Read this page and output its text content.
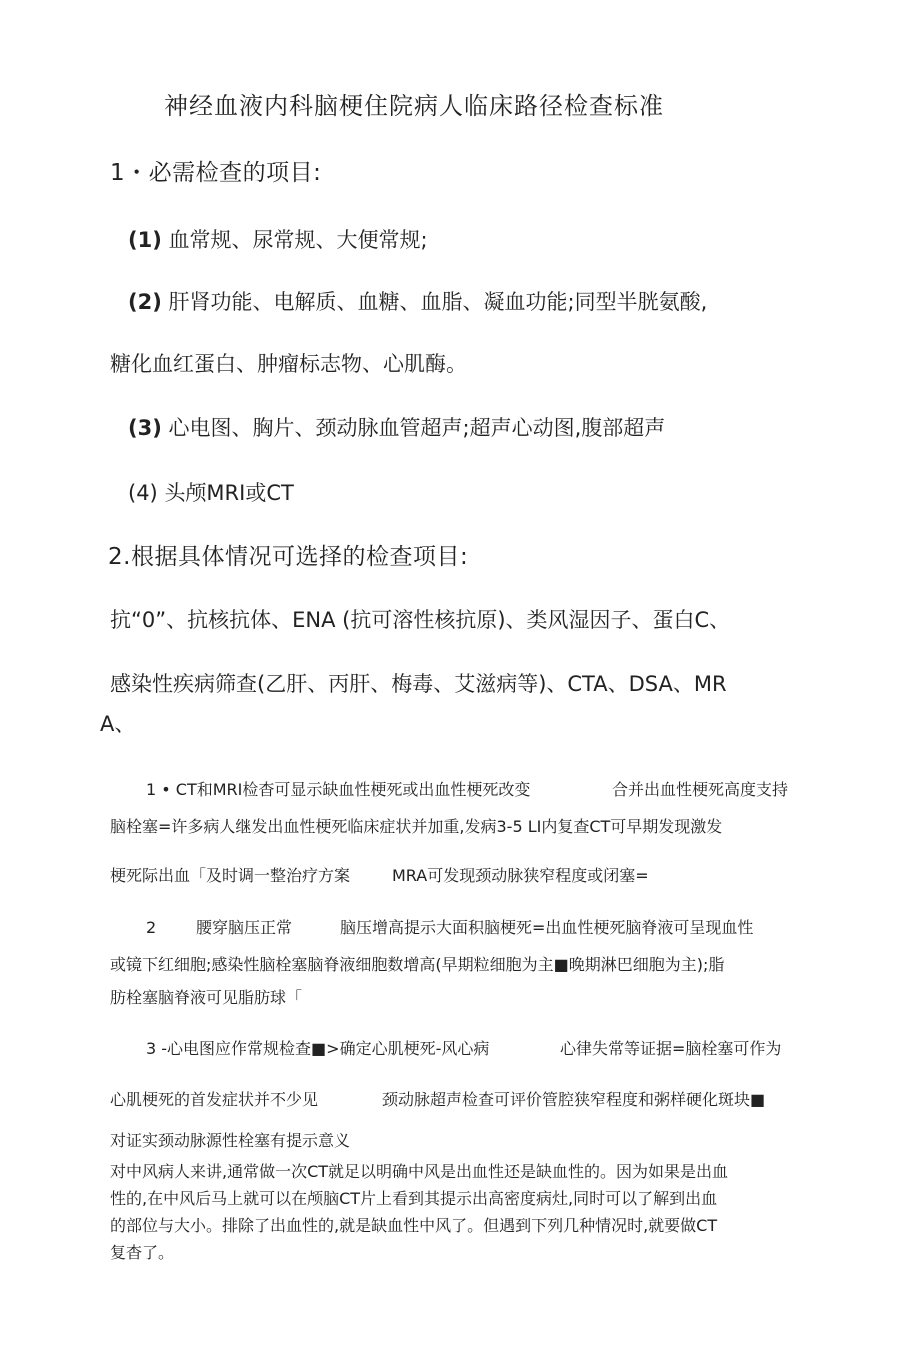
神经血液内科脑梗住院病人临床路径检查标准
1・必需检查的项目:
(1) 血常规、尿常规、大便常规;
(2) 肝肾功能、电解质、血糖、血脂、凝血功能;同型半胱氨酸,
糖化血红蛋白、肿瘤标志物、心肌酶。
(3) 心电图、胸片、颈动脉血管超声;超声心动图,腹部超声
(4) 头颅MRI或CT
2.根据具体情况可选择的检查项目:
抗“0”、抗核抗体、ENA (抗可溶性核抗原)、类风湿因子、蛋白C、
感染性疾病筛查(乙肝、丙肝、梅毒、艾滋病等)、CTA、DSA、MR
A、
1 • CT和MRI检杳可显示缺血性梗死或出血性梗死改变	合并出血性梗死高度支持
脑栓塞=许多病人继发出血性梗死临床症状并加重,发病3-5 LI内复查CT可早期发现激发
梗死际出血「及时调一整治疗方案	MRA可发现颈动脉狭窄程度或闭塞=
2 腰穿脑压正常	脑压增高提示大面积脑梗死=出血性梗死脑脊液可呈现血性
或镜下红细胞;感染性脑栓塞脑脊液细胞数增高(早期粒细胞为主■晚期淋巴细胞为主);脂
肪栓塞脑脊液可见脂肪球「
3 -心电图应作常规检查■>确定心肌梗死-风心病	心律失常等证据=脑栓塞可作为
心肌梗死的首发症状并不少见	颈动脉超声检查可评价管腔狭窄程度和粥样硬化斑块■
对证实颈动脉源性栓塞有提示意义
对中风病人来讲,通常做一次CT就足以明确中风是出血性还是缺血性的。因为如果是出血
性的,在中风后马上就可以在颅脑CT片上看到其提示出高密度病灶,同时可以了解到出血
的部位与大小。排除了出血性的,就是缺血性中风了。但遇到下列几种情况时,就要做CT
复杳了。
